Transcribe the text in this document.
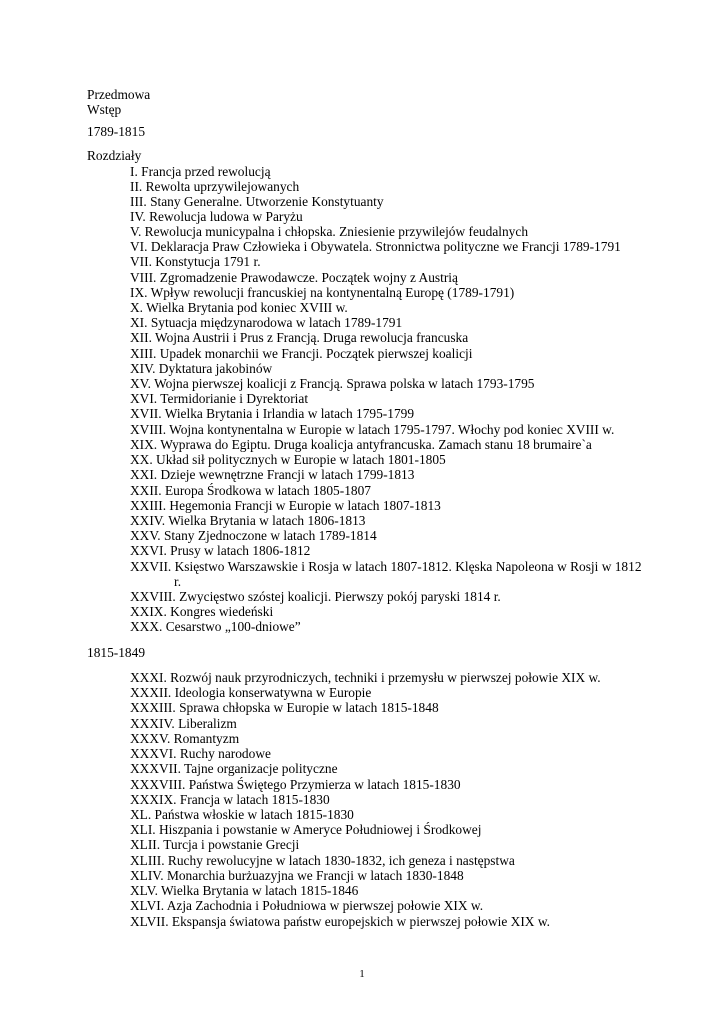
Przedmowa
Wstęp
1789-1815
Rozdziały
I. Francja przed rewolucją
II. Rewolta uprzywilejowanych
III. Stany Generalne. Utworzenie Konstytuanty
IV. Rewolucja ludowa w Paryżu
V. Rewolucja municypalna i chłopska. Zniesienie przywilejów feudalnych
VI. Deklaracja Praw Człowieka i Obywatela. Stronnictwa polityczne we Francji 1789-1791
VII. Konstytucja 1791 r.
VIII. Zgromadzenie Prawodawcze. Początek wojny z Austrią
IX. Wpływ rewolucji francuskiej na kontynentalną Europę (1789-1791)
X. Wielka Brytania pod koniec XVIII w.
XI. Sytuacja międzynarodowa w latach 1789-1791
XII. Wojna Austrii i Prus z Francją. Druga rewolucja francuska
XIII. Upadek monarchii we Francji. Początek pierwszej koalicji
XIV. Dyktatura jakobinów
XV. Wojna pierwszej koalicji z Francją. Sprawa polska w latach 1793-1795
XVI. Termidorianie i Dyrektoriat
XVII. Wielka Brytania i Irlandia w latach 1795-1799
XVIII. Wojna kontynentalna w Europie w latach 1795-1797. Włochy pod koniec XVIII w.
XIX. Wyprawa do Egiptu. Druga koalicja antyfrancuska. Zamach stanu 18 brumaire`a
XX. Układ sił politycznych w Europie w latach 1801-1805
XXI. Dzieje wewnętrzne Francji w latach 1799-1813
XXII. Europa Środkowa w latach 1805-1807
XXIII. Hegemonia Francji w Europie w latach 1807-1813
XXIV. Wielka Brytania w latach 1806-1813
XXV. Stany Zjednoczone w latach 1789-1814
XXVI. Prusy w latach 1806-1812
XXVII. Księstwo Warszawskie i Rosja w latach 1807-1812. Klęska Napoleona w Rosji w 1812
r.
XXVIII. Zwycięstwo szóstej koalicji. Pierwszy pokój paryski 1814 r.
XXIX. Kongres wiedeński
XXX. Cesarstwo „100-dniowe”
1815-1849
XXXI. Rozwój nauk przyrodniczych, techniki i przemysłu w pierwszej połowie XIX w.
XXXII. Ideologia konserwatywna w Europie
XXXIII. Sprawa chłopska w Europie w latach 1815-1848
XXXIV. Liberalizm
XXXV. Romantyzm
XXXVI. Ruchy narodowe
XXXVII. Tajne organizacje polityczne
XXXVIII. Państwa Świętego Przymierza w latach 1815-1830
XXXIX. Francja w latach 1815-1830
XL. Państwa włoskie w latach 1815-1830
XLI. Hiszpania i powstanie w Ameryce Południowej i Środkowej
XLII. Turcja i powstanie Grecji
XLIII. Ruchy rewolucyjne w latach 1830-1832, ich geneza i następstwa
XLIV. Monarchia burżuazyjna we Francji w latach 1830-1848
XLV. Wielka Brytania w latach 1815-1846
XLVI. Azja Zachodnia i Południowa w pierwszej połowie XIX w.
XLVII. Ekspansja światowa państw europejskich w pierwszej połowie XIX w.
1
